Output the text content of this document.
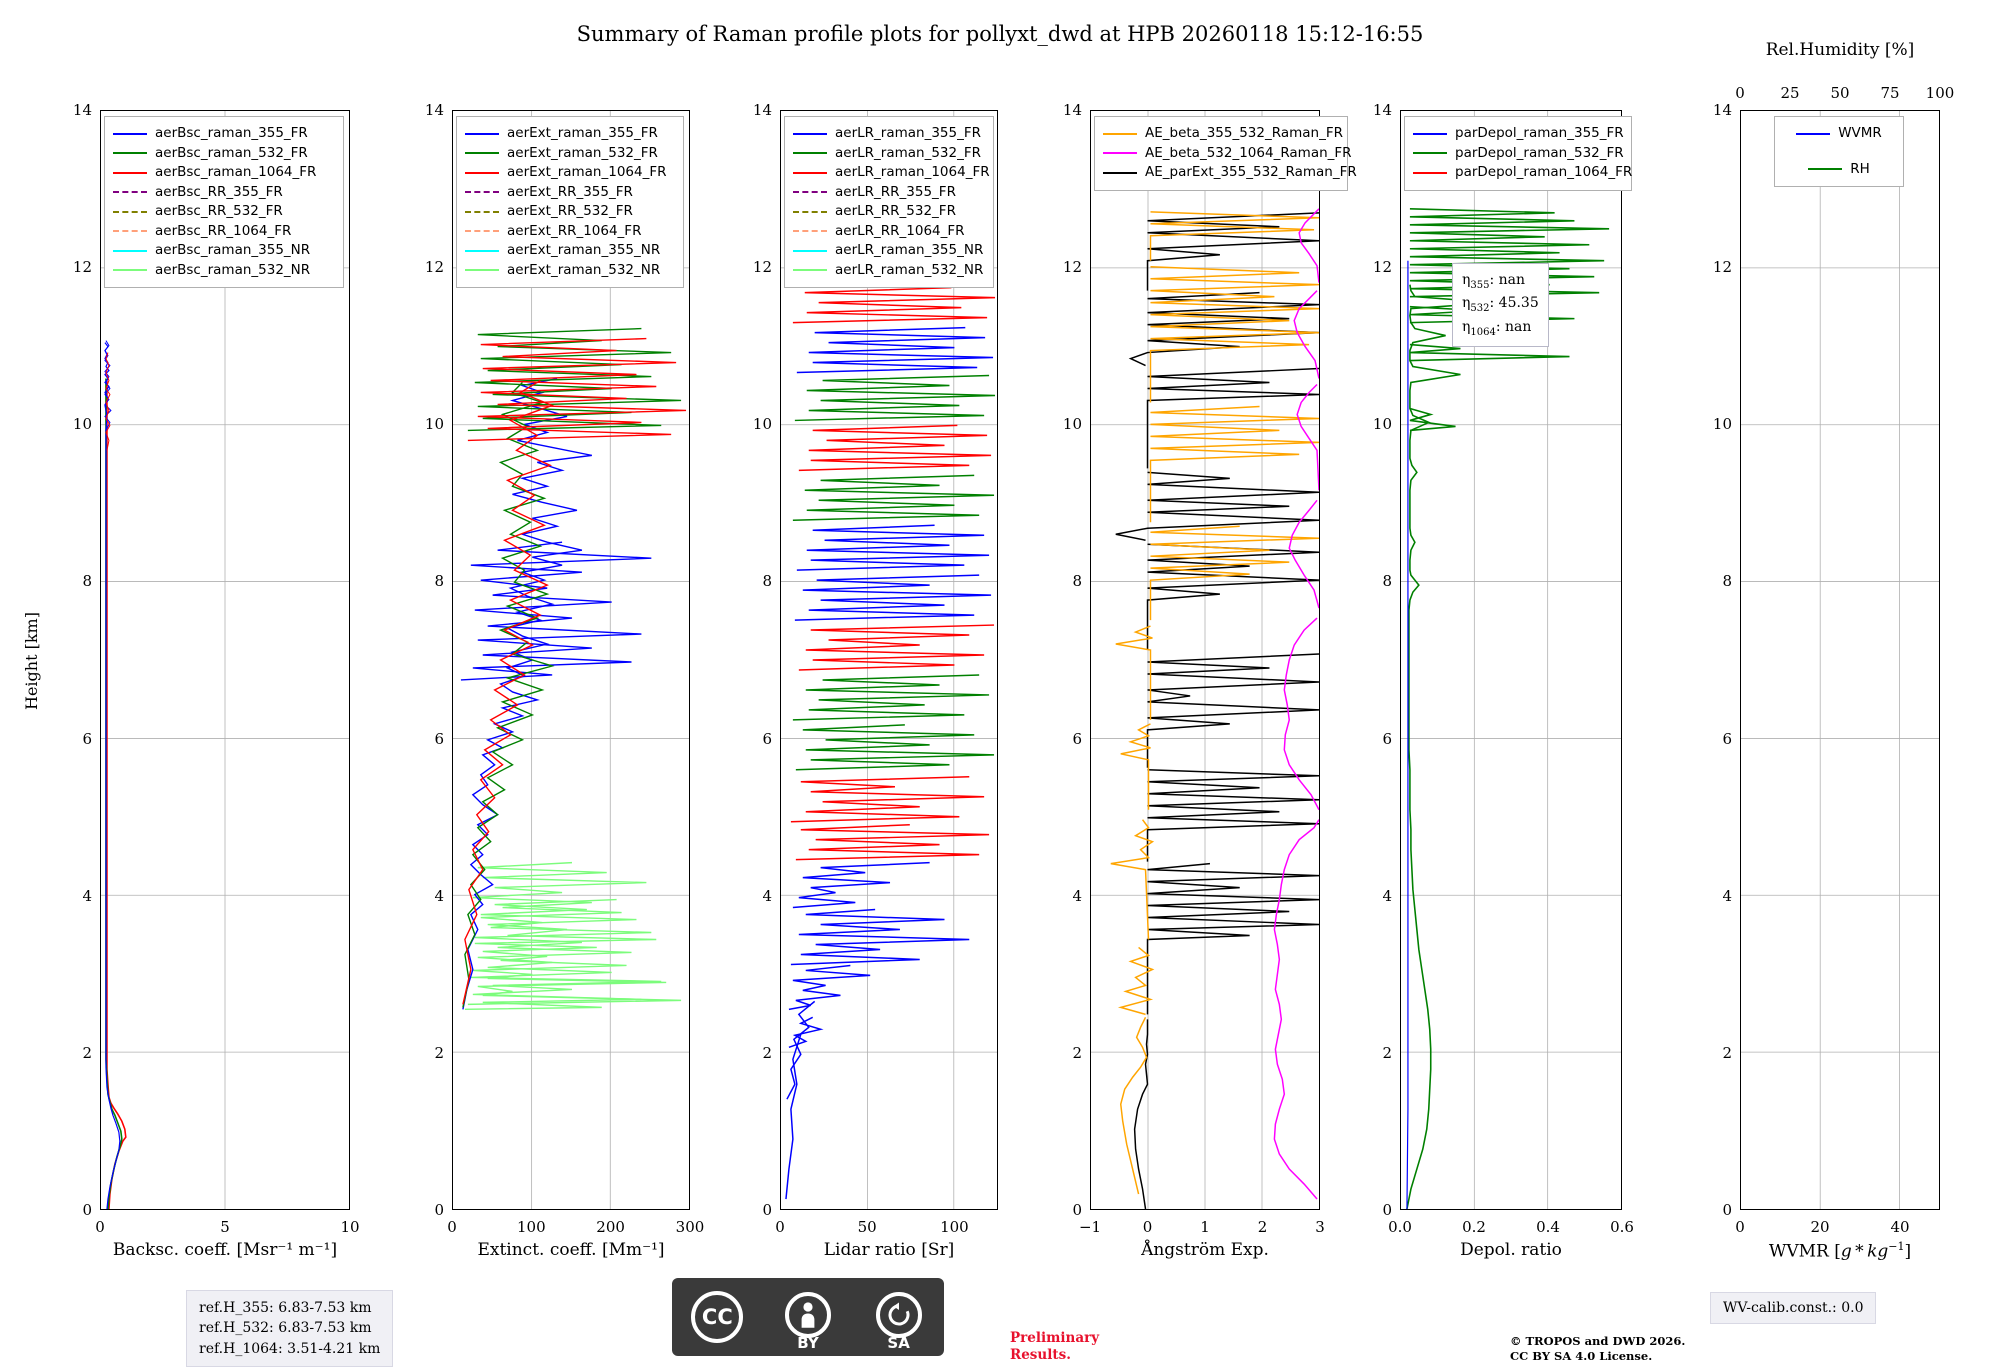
Summary of Raman profile plots for pollyxt_dwd at HPB 20260118 15:12-16:55
0
2
4
6
8
10
12
14
0	5	10
Backsc. coeff. [Msr⁻¹ m⁻¹]
Height [km]
aerBsc_raman_355_FR
aerBsc_raman_532_FR
aerBsc_raman_1064_FR
aerBsc_RR_355_FR
aerBsc_RR_532_FR
aerBsc_RR_1064_FR
aerBsc_raman_355_NR
aerBsc_raman_532_NR
0
2
4
6
8
10
12
14
0	100	200	300
Extinct. coeff. [Mm⁻¹]
aerExt_raman_355_FR
aerExt_raman_532_FR
aerExt_raman_1064_FR
aerExt_RR_355_FR
aerExt_RR_532_FR
aerExt_RR_1064_FR
aerExt_raman_355_NR
aerExt_raman_532_NR
0
2
4
6
8
10
12
14
0	50	100
Lidar ratio [Sr]
aerLR_raman_355_FR
aerLR_raman_532_FR
aerLR_raman_1064_FR
aerLR_RR_355_FR
aerLR_RR_532_FR
aerLR_RR_1064_FR
aerLR_raman_355_NR
aerLR_raman_532_NR
0
2
4
6
8
10
12
14
−1	0	1	2	3
Ångström Exp.
AE_beta_355_532_Raman_FR
AE_beta_532_1064_Raman_FR
AE_parExt_355_532_Raman_FR
0
2
4
6
8
10
12
14
0.0	0.2	0.4	0.6
Depol. ratio
$\eta_{355}$: nan
$\eta_{532}$: 45.35
$\eta_{1064}$: nan
parDepol_raman_355_FR
parDepol_raman_532_FR
parDepol_raman_1064_FR
0
2
4
6
8
10
12
14
0	20	40
0 25 50 75 100
Rel.Humidity [%]
WVMR $[g * kg^{-1}]$
WVMR
RH
ref.H_355: 6.83-7.53 km
ref.H_532: 6.83-7.53 km
ref.H_1064: 3.51-4.21 km
CC
BY	SA	Preliminary
Results.
© TROPOS and DWD 2026.
CC BY SA 4.0 License.
WV-calib.const.: 0.0
